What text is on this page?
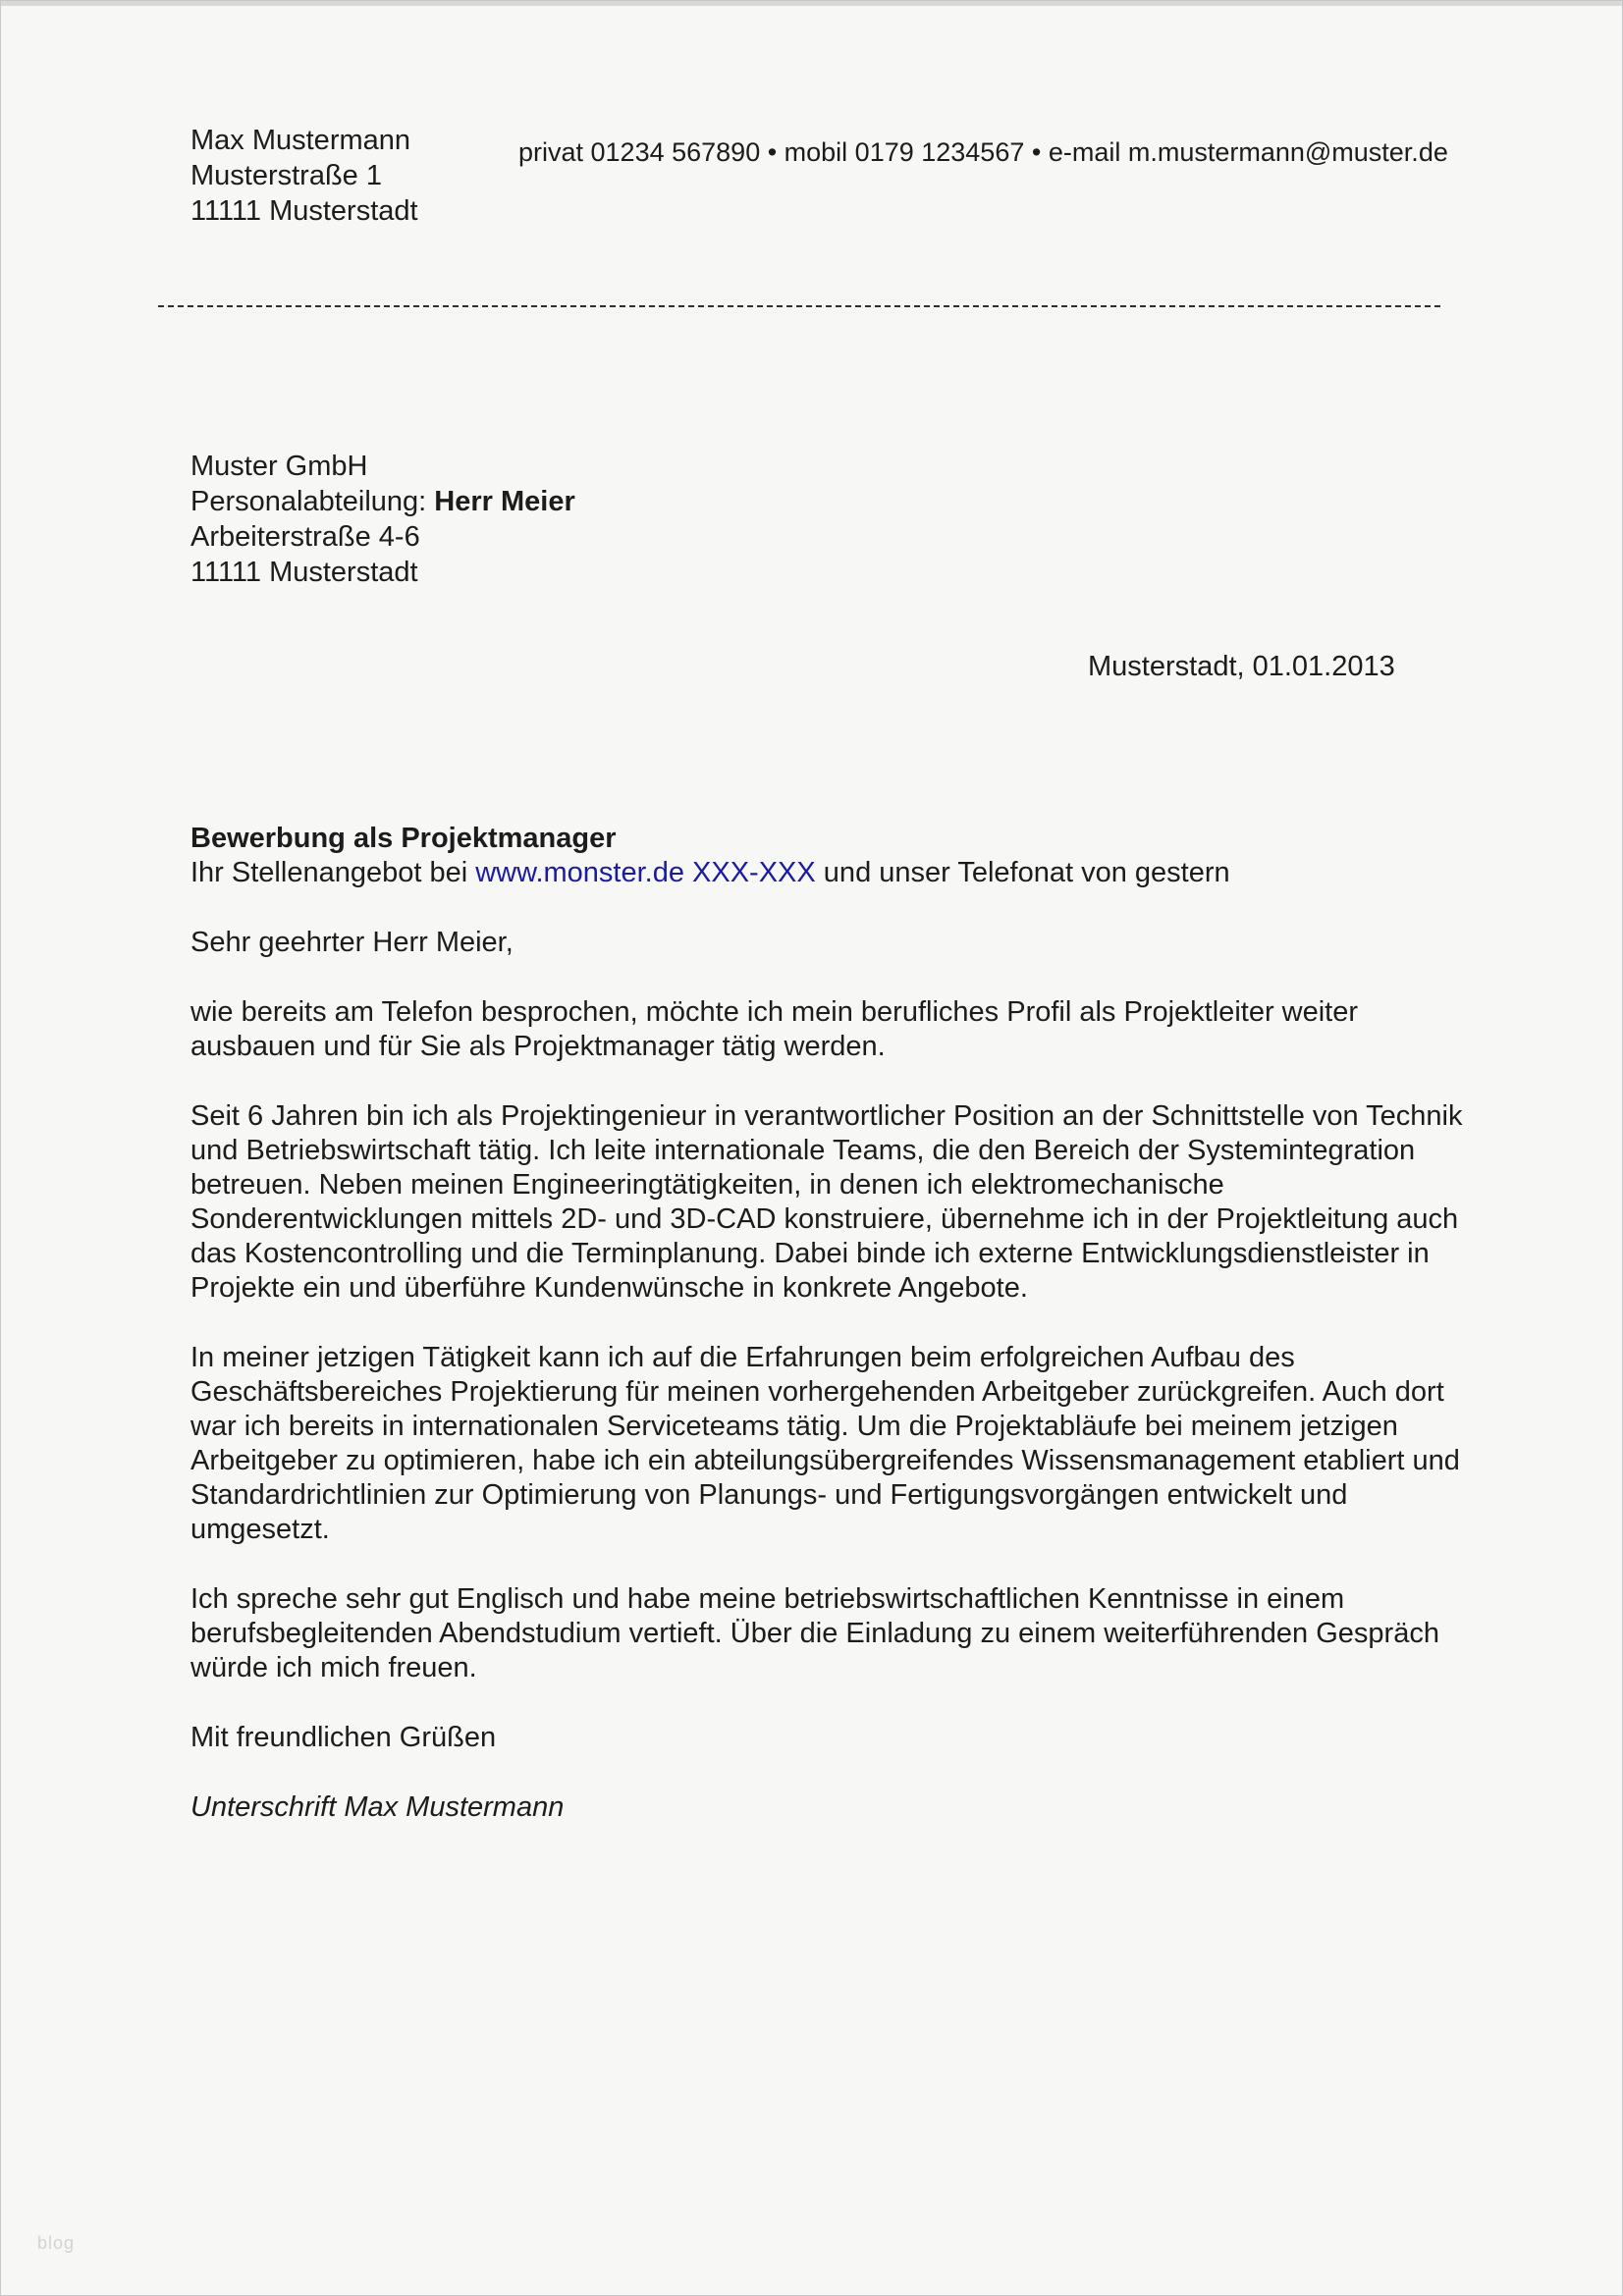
Max Mustermann
Musterstraße 1
11111 Musterstadt
privat 01234 567890 • mobil 0179 1234567 • e-mail m.mustermann@muster.de
Muster GmbH
Personalabteilung: Herr Meier
Arbeiterstraße 4-6
11111 Musterstadt
Musterstadt, 01.01.2013

Bewerbung als Projektmanager
Ihr Stellenangebot bei www.monster.de XXX-XXX und unser Telefonat von gestern

Sehr geehrter Herr Meier,

wie bereits am Telefon besprochen, möchte ich mein berufliches Profil als Projektleiter weiter ausbauen und für Sie als Projektmanager tätig werden.

Seit 6 Jahren bin ich als Projektingenieur in verantwortlicher Position an der Schnittstelle von Technik und Betriebswirtschaft tätig. Ich leite internationale Teams, die den Bereich der Systemintegration betreuen. Neben meinen Engineeringtätigkeiten, in denen ich elektromechanische Sonderentwicklungen mittels 2D- und 3D-CAD konstruiere, übernehme ich in der Projektleitung auch das Kostencontrolling und die Terminplanung. Dabei binde ich externe Entwicklungsdienstleister in Projekte ein und überführe Kundenwünsche in konkrete Angebote.

In meiner jetzigen Tätigkeit kann ich auf die Erfahrungen beim erfolgreichen Aufbau des Geschäftsbereiches Projektierung für meinen vorhergehenden Arbeitgeber zurückgreifen. Auch dort war ich bereits in internationalen Serviceteams tätig. Um die Projektabläufe bei meinem jetzigen Arbeitgeber zu optimieren, habe ich ein abteilungsübergreifendes Wissensmanagement etabliert und Standardrichtlinien zur Optimierung von Planungs- und Fertigungsvorgängen entwickelt und umgesetzt.

Ich spreche sehr gut Englisch und habe meine betriebswirtschaftlichen Kenntnisse in einem berufsbegleitenden Abendstudium vertieft. Über die Einladung zu einem weiterführenden Gespräch würde ich mich freuen.

Mit freundlichen Grüßen

Unterschrift Max Mustermann

blog
